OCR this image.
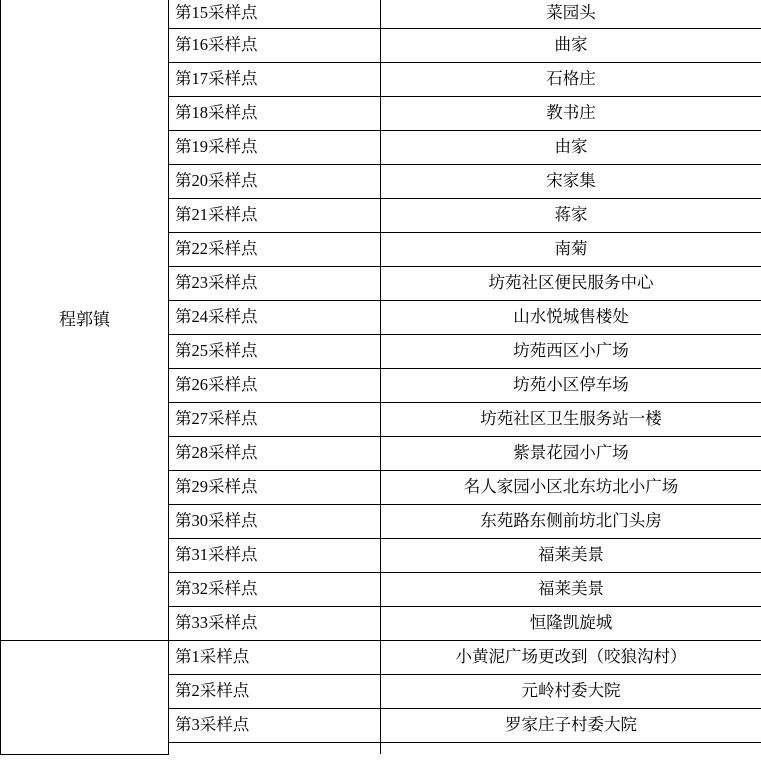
程郭镇	第15采样点	菜园头
	第16采样点	曲家
	第17采样点	石格庄
	第18采样点	教书庄
	第19采样点	由家
	第20采样点	宋家集
	第21采样点	蒋家
	第22采样点	南菊
	第23采样点	坊苑社区便民服务中心
	第24采样点	山水悦城售楼处
	第25采样点	坊苑西区小广场
	第26采样点	坊苑小区停车场
	第27采样点	坊苑社区卫生服务站一楼
	第28采样点	紫景花园小广场
	第29采样点	名人家园小区北东坊北小广场
	第30采样点	东苑路东侧前坊北门头房
	第31采样点	福莱美景
	第32采样点	福莱美景
	第33采样点	恒隆凯旋城
	第1采样点	小黄泥广场更改到（咬狼沟村）
	第2采样点	元岭村委大院
	第3采样点	罗家庄子村委大院
